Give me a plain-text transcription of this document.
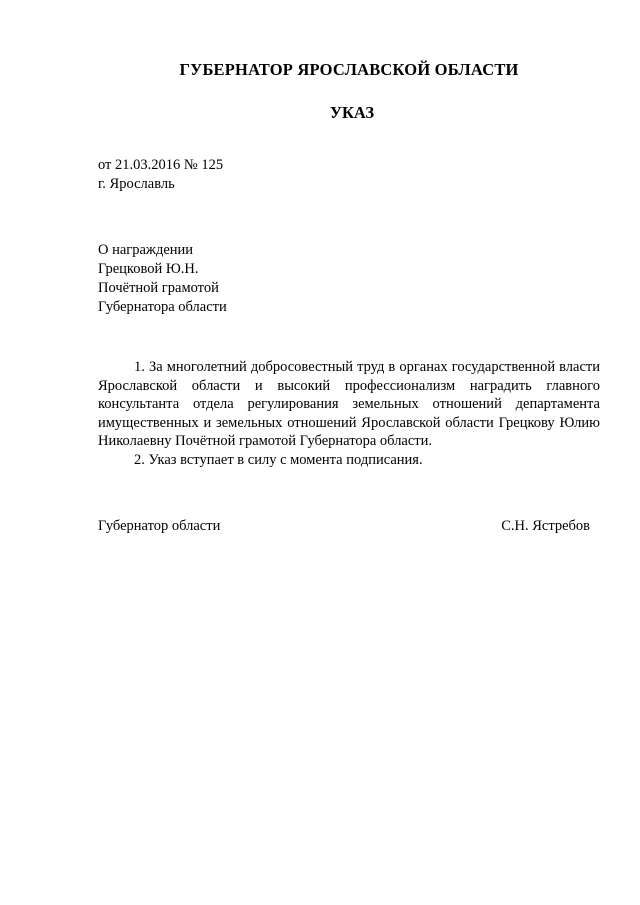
ГУБЕРНАТОР ЯРОСЛАВСКОЙ ОБЛАСТИ
УКАЗ
от 21.03.2016 № 125
г. Ярославль
О награждении
Грецковой Ю.Н.
Почётной грамотой
Губернатора области

1. За многолетний добросовестный труд в органах государственной власти Ярославской области и высокий профессионализм наградить главного консультанта отдела регулирования земельных отношений департамента имущественных и земельных отношений Ярославской области Грецкову Юлию Николаевну Почётной грамотой Губернатора области.

2. Указ вступает в силу с момента подписания.

Губернатор области	С.Н. Ястребов
